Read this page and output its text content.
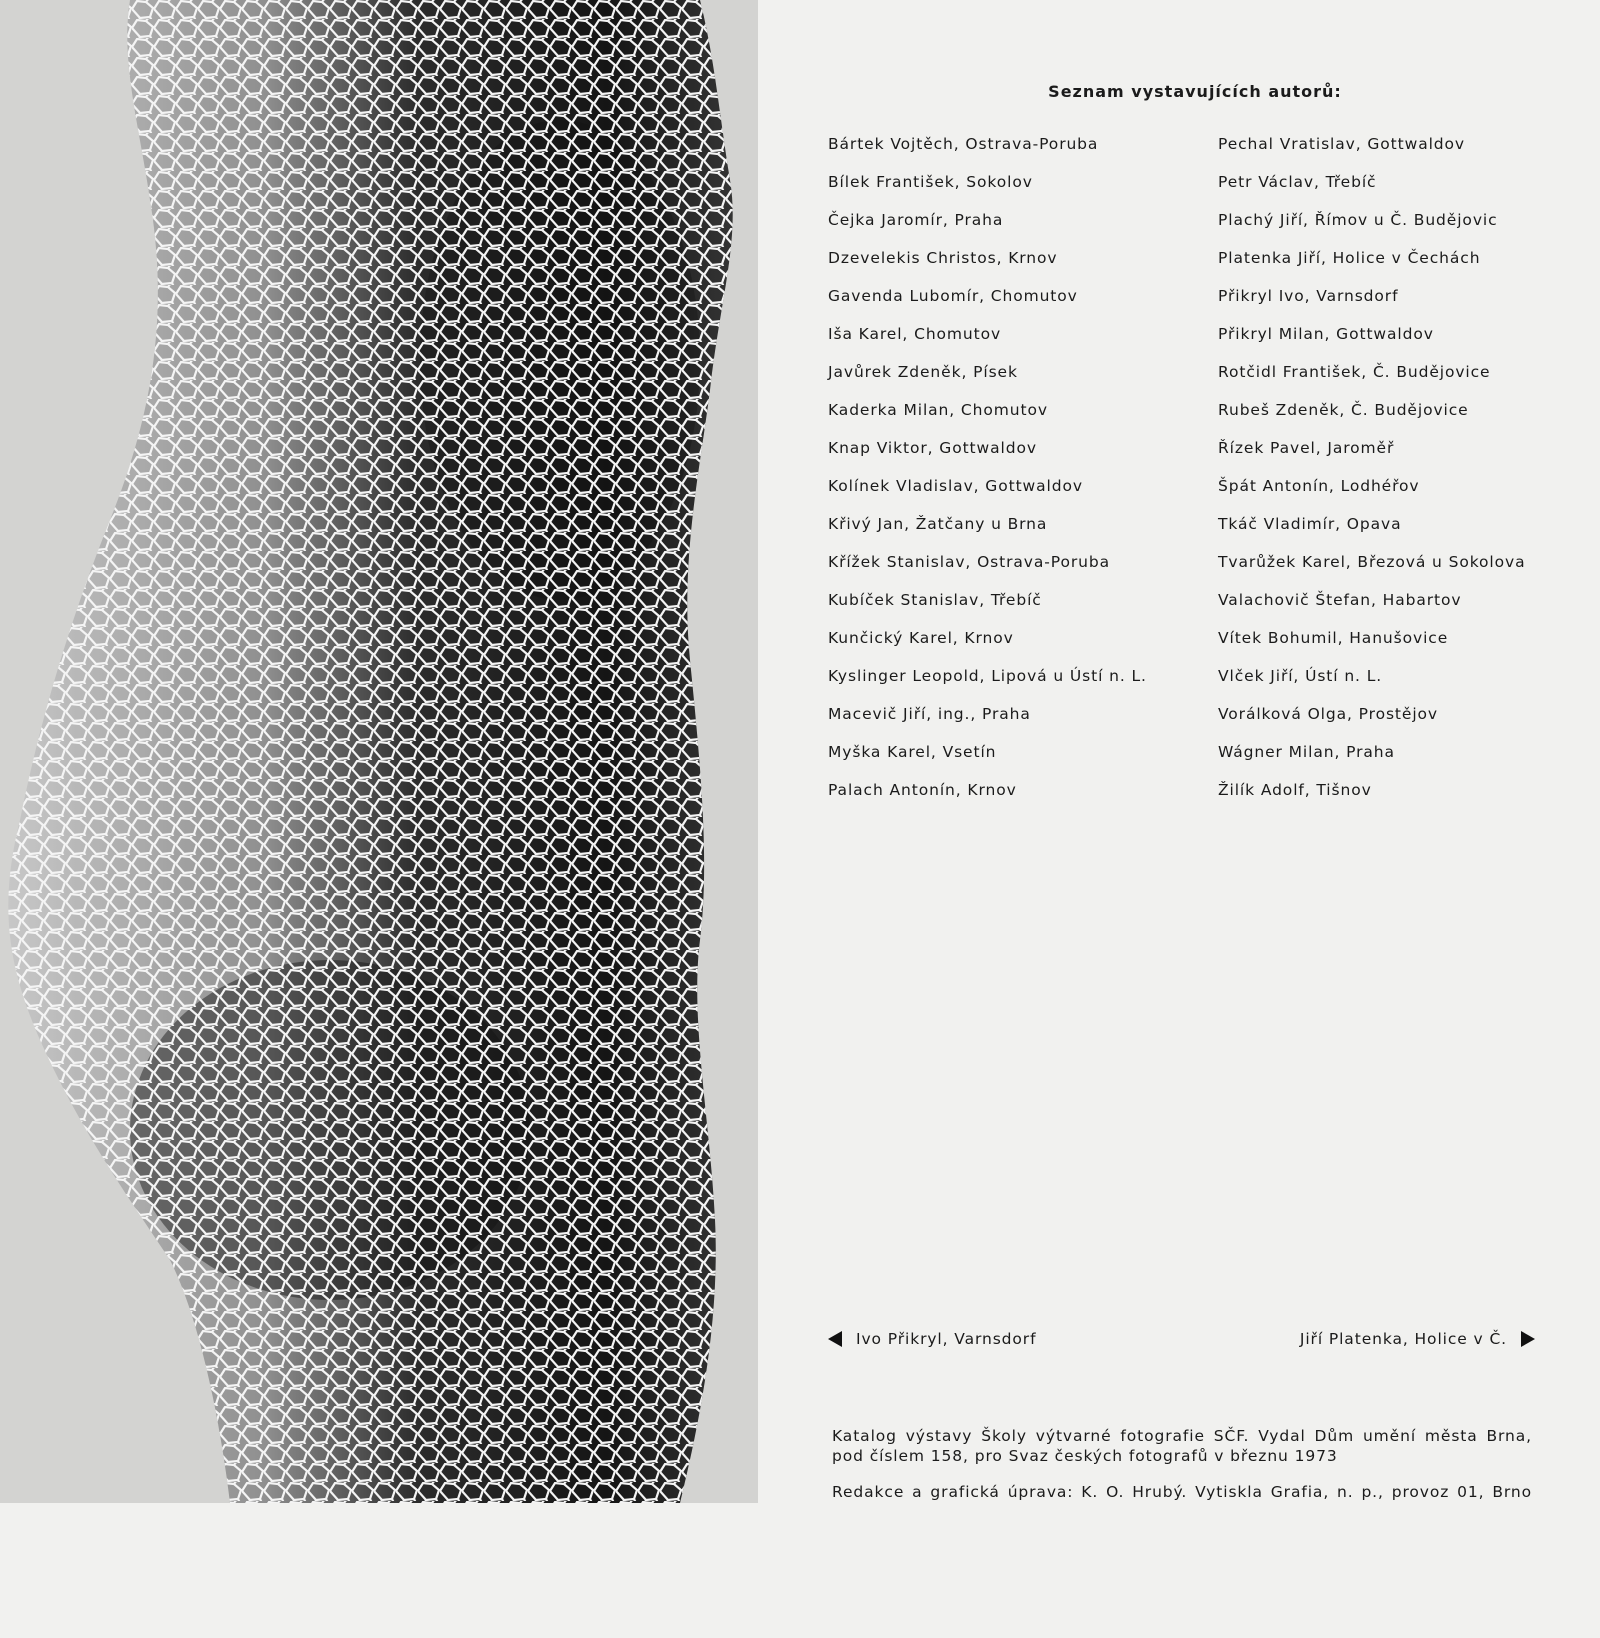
Seznam vystavujících autorů:
Bártek Vojtěch, Ostrava-Poruba
Bílek František, Sokolov
Čejka Jaromír, Praha
Dzevelekis Christos, Krnov
Gavenda Lubomír, Chomutov
Iša Karel, Chomutov
Javůrek Zdeněk, Písek
Kaderka Milan, Chomutov
Knap Viktor, Gottwaldov
Kolínek Vladislav, Gottwaldov
Křivý Jan, Žatčany u Brna
Křížek Stanislav, Ostrava-Poruba
Kubíček Stanislav, Třebíč
Kunčický Karel, Krnov
Kyslinger Leopold, Lipová u Ústí n. L.
Macevič Jiří, ing., Praha
Myška Karel, Vsetín
Palach Antonín, Krnov
Pechal Vratislav, Gottwaldov
Petr Václav, Třebíč
Plachý Jiří, Římov u Č. Budějovic
Platenka Jiří, Holice v Čechách
Přikryl Ivo, Varnsdorf
Přikryl Milan, Gottwaldov
Rotčidl František, Č. Budějovice
Rubeš Zdeněk, Č. Budějovice
Řízek Pavel, Jaroměř
Špát Antonín, Lodhéřov
Tkáč Vladimír, Opava
Tvarůžek Karel, Březová u Sokolova
Valachovič Štefan, Habartov
Vítek Bohumil, Hanušovice
Vlček Jiří, Ústí n. L.
Vorálková Olga, Prostějov
Wágner Milan, Praha
Žilík Adolf, Tišnov
Ivo Přikryl, Varnsdorf	Jiří Platenka, Holice v Č.

Katalog výstavy Školy výtvarné fotografie SČF. Vydal Dům umění města Brna,

pod číslem 158, pro Svaz českých fotografů v březnu 1973

Redakce a grafická úprava: K. O. Hrubý. Vytiskla Grafia, n. p., provoz 01, Brno
